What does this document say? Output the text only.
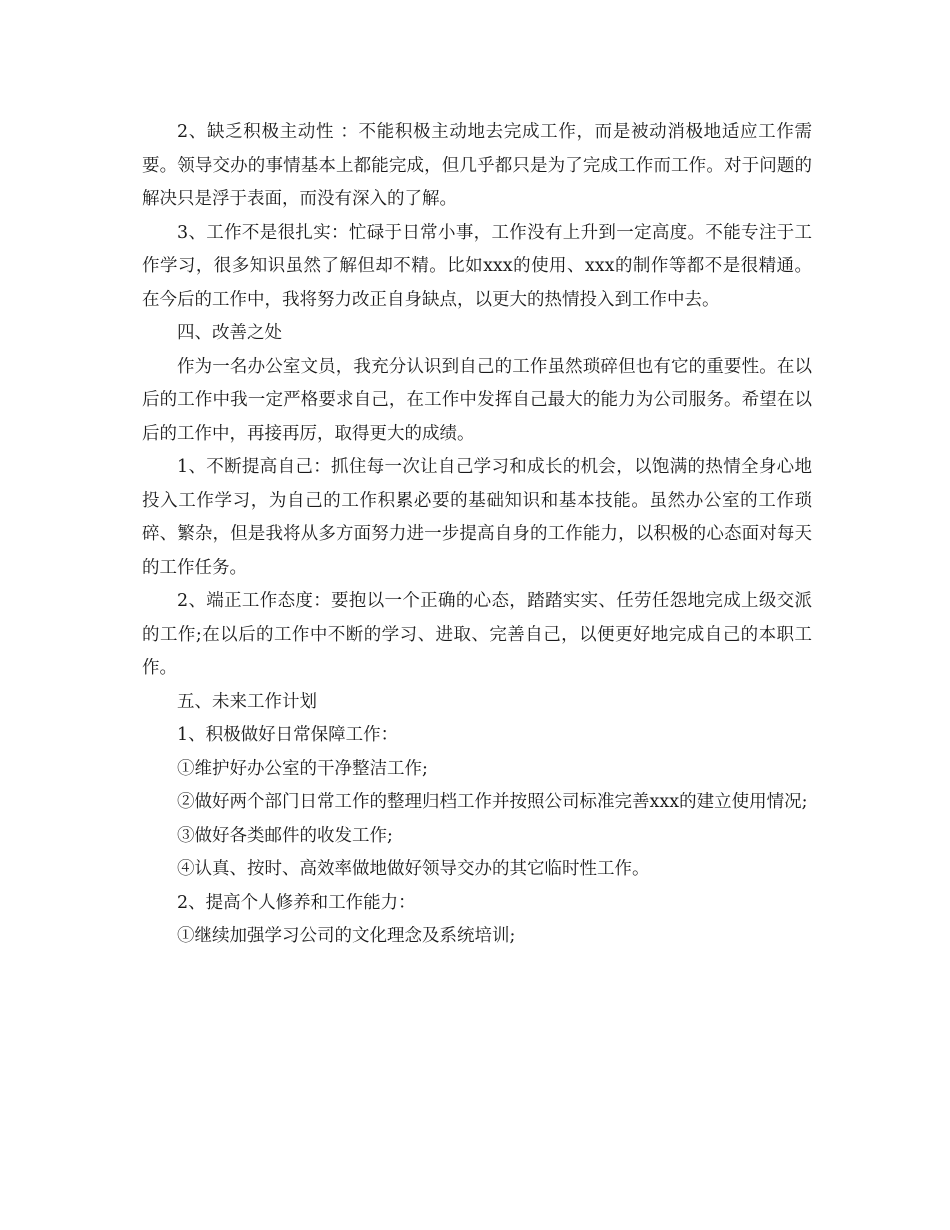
2、缺乏积极主动性 ：不能积极主动地去完成工作，而是被动消极地适应工作需要。领导交办的事情基本上都能完成，但几乎都只是为了完成工作而工作。对于问题的解决只是浮于表面，而没有深入的了解。

3、工作不是很扎实：忙碌于日常小事，工作没有上升到一定高度。不能专注于工作学习，很多知识虽然了解但却不精。比如xxx的使用、xxx的制作等都不是很精通。在今后的工作中，我将努力改正自身缺点，以更大的热情投入到工作中去。

四、改善之处

作为一名办公室文员，我充分认识到自己的工作虽然琐碎但也有它的重要性。在以后的工作中我一定严格要求自己，在工作中发挥自己最大的能力为公司服务。希望在以后的工作中，再接再厉，取得更大的成绩。

1、不断提高自己：抓住每一次让自己学习和成长的机会，以饱满的热情全身心地投入工作学习，为自己的工作积累必要的基础知识和基本技能。虽然办公室的工作琐碎、繁杂，但是我将从多方面努力进一步提高自身的工作能力，以积极的心态面对每天的工作任务。

2、端正工作态度：要抱以一个正确的心态，踏踏实实、任劳任怨地完成上级交派的工作;在以后的工作中不断的学习、进取、完善自己，以便更好地完成自己的本职工作。

五、未来工作计划

1、积极做好日常保障工作：

①维护好办公室的干净整洁工作;

②做好两个部门日常工作的整理归档工作并按照公司标准完善xxx的建立使用情况;

③做好各类邮件的收发工作;

④认真、按时、高效率做地做好领导交办的其它临时性工作。

2、提高个人修养和工作能力：

①继续加强学习公司的文化理念及系统培训;
